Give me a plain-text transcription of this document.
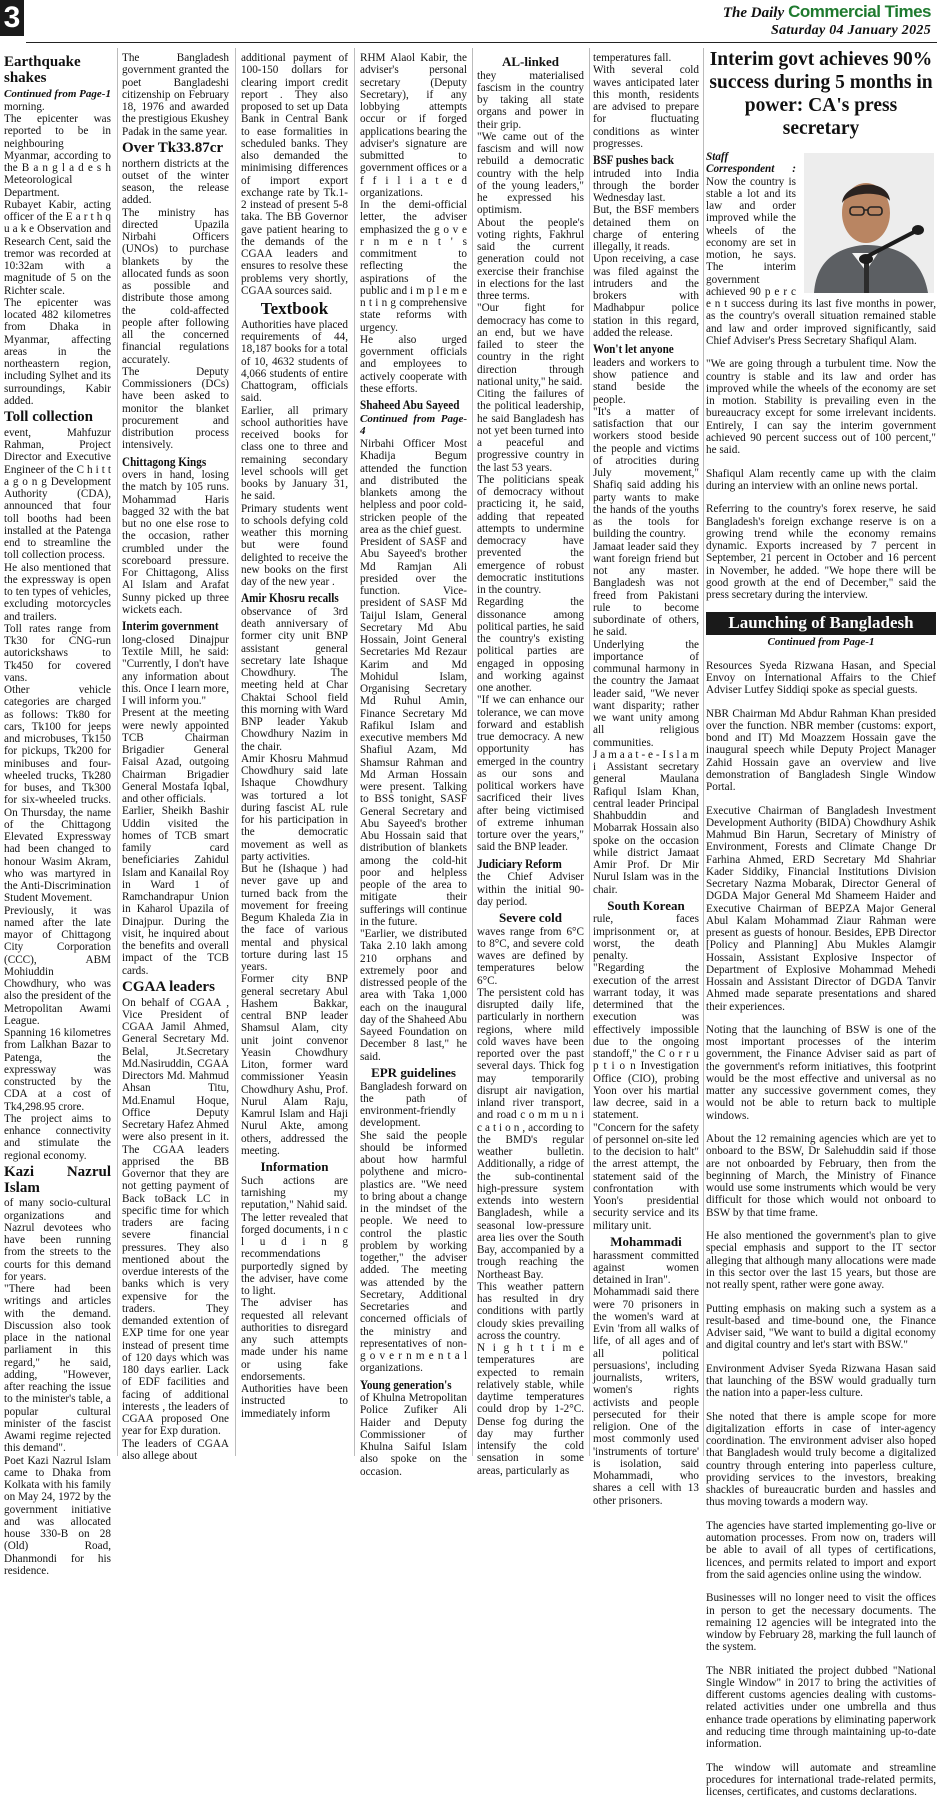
3	The Daily Commercial Times
Saturday 04 January 2025
Earthquake shakes
Continued from Page-1

morning.

The epicenter was reported to be in neighbouring Myanmar, according to the B a n g l a d e s h Meteorological Department.

Rubayet Kabir, acting officer of the E a r t h q u a k e Observation and Research Cent, said the tremor was recorded at 10:32am with a magnitude of 5 on the Richter scale.

The epicenter was located 482 kilometres from Dhaka in Myanmar, affecting areas in the northeastern region, including Sylhet and its surroundings, Kabir added.

Toll collection

event, Mahfuzur Rahman, Project Director and Executive Engineer of the C h i t t a g o n g Development Authority (CDA), announced that four toll booths had been installed at the Patenga end to streamline the toll collection process.

He also mentioned that the expressway is open to ten types of vehicles, excluding motorcycles and trailers.

Toll rates range from Tk30 for CNG-run autorickshaws to Tk450 for covered vans.

Other vehicle categories are charged as follows: Tk80 for cars, Tk100 for jeeps and microbuses, Tk150 for pickups, Tk200 for minibuses and four-wheeled trucks, Tk280 for buses, and Tk300 for six-wheeled trucks. On Thursday, the name of the Chittagong Elevated Expressway had been changed to honour Wasim Akram, who was martyred in the Anti-Discrimination Student Movement.

Previously, it was named after the late mayor of Chittagong City Corporation (CCC), ABM Mohiuddin Chowdhury, who was also the president of the Metropolitan Awami League.

Spanning 16 kilometres from Lalkhan Bazar to Patenga, the expressway was constructed by the CDA at a cost of Tk4,298.95 crore.

The project aims to enhance connectivity and stimulate the regional economy.

Kazi Nazrul Islam

of many socio-cultural organizations and Nazrul devotees who have been running from the streets to the courts for this demand for years.

"There had been writings and articles with the demand. Discussion also took place in the national parliament in this regard," he said, adding, "However, after reaching the issue to the minister's table, a popular cultural minister of the fascist Awami regime rejected this demand".

Poet Kazi Nazrul Islam came to Dhaka from Kolkata with his family on May 24, 1972 by the government initiative and was allocated house 330-B on 28 (Old) Road, Dhanmondi for his residence.

The Bangladesh government granted the poet Bangladeshi citizenship on February 18, 1976 and awarded the prestigious Ekushey Padak in the same year.

Over Tk33.87cr

northern districts at the outset of the winter season, the release added.

The ministry has directed Upazila Nirbahi Officers (UNOs) to purchase blankets by the allocated funds as soon as possible and distribute those among the cold-affected people after following all the concerned financial regulations accurately.

The Deputy Commissioners (DCs) have been asked to monitor the blanket procurement and distribution process intensively.

Chittagong Kings

overs in hand, losing the match by 105 runs. Mohammad Haris bagged 32 with the bat but no one else rose to the occasion, rather crumbled under the scoreboard pressure. For Chittagong, Aliss Al Islam and Arafat Sunny picked up three wickets each.

Interim government

long-closed Dinajpur Textile Mill, he said: "Currently, I don't have any information about this. Once I learn more, I will inform you."

Present at the meeting were newly appointed TCB Chairman Brigadier General Faisal Azad, outgoing Chairman Brigadier General Mostafa Iqbal, and other officials.

Earlier, Sheikh Bashir Uddin visited the homes of TCB smart family card beneficiaries Zahidul Islam and Kanailal Roy in Ward 1 of Ramchandrapur Union in Kaharol Upazila of Dinajpur. During the visit, he inquired about the benefits and overall impact of the TCB cards.

CGAA leaders

On behalf of CGAA , Vice President of CGAA Jamil Ahmed, General Secretary Md. Belal, Jt.Secretary Md.Nasiruddin, CGAA Directors Md. Mahmud Ahsan Titu, Md.Enamul Hoque, Office Deputy Secretary Hafez Ahmed were also present in it. The CGAA leaders apprised the BB Governor that they are not getting payment of Back toBack LC in specific time for which traders are facing severe financial pressures. They also mentioned about the overdue interests of the banks which is very expensive for the traders. They demanded extention of EXP time for one year instead of present time of 120 days which was 180 days earlier. Lack of EDF facilities and facing of additional interests , the leaders of CGAA proposed One year for Exp duration.

The leaders of CGAA also allege about

additional payment of 100-150 dollars for clearing import credit report . They also proposed to set up Data Bank in Central Bank to ease formalities in scheduled banks. They also demanded the minimising differences of import export exchange rate by Tk.1-2 instead of present 5-8 taka. The BB Governor gave patient hearing to the demands of the CGAA leaders and ensures to resolve these problems very shortly, CGAA sources said.

Textbook

Authorities have placed requirements of 44, 18,187 books for a total of 10, 4632 students of 4,066 students of entire Chattogram, officials said.

Earlier, all primary school authorities have received books for class one to three and remaining secondary level schools will get books by January 31, he said.

Primary students went to schools defying cold weather this morning but were found delighted to receive the new books on the first day of the new year .

Amir Khosru recalls

observance of 3rd death anniversary of former city unit BNP assistant general secretary late Ishaque Chowdhury. The meeting held at Char Chaktai School field this morning with Ward BNP leader Yakub Chowdhury Nazim in the chair.

Amir Khosru Mahmud Chowdhury said late Ishaque Chowdhury was tortured a lot during fascist AL rule for his participation in the democratic movement as well as party activities.

But he (Ishaque ) had never gave up and turned back from the movement for freeing Begum Khaleda Zia in the face of various mental and physical torture during last 15 years.

Former city BNP general secretary Abul Hashem Bakkar, central BNP leader Shamsul Alam, city unit joint convenor Yeasin Chowdhury Liton, former ward commissioner Yeasin Chowdhury Ashu, Prof. Nurul Alam Raju, Kamrul Islam and Haji Nurul Akte, among others, addressed the meeting.

Information

Such actions are tarnishing my reputation," Nahid said.

The letter revealed that forged documents, i n c l u d i n g recommendations purportedly signed by the adviser, have come to light.

The adviser has requested all relevant authorities to disregard any such attempts made under his name or using fake endorsements.

Authorities have been instructed to immediately inform

RHM Alaol Kabir, the adviser's personal secretary (Deputy Secretary), if any lobbying attempts occur or if forged applications bearing the adviser's signature are submitted to government offices or a f f i l i a t e d organizations.

In the demi-official letter, the adviser emphasized the g o v e r n m e n t ' s commitment to reflecting the aspirations of the public and i m p l e m e n t i n g comprehensive state reforms with urgency.

He also urged government officials and employees to actively cooperate with these efforts.

Shaheed Abu Sayeed
Continued from Page- 4

Nirbahi Officer Most Khadija Begum attended the function and distributed the blankets among the helpless and poor cold-stricken people of the area as the chief guest.

President of SASF and Abu Sayeed's brother Md Ramjan Ali presided over the function. Vice-president of SASF Md Taijul Islam, General Secretary Md Abu Hossain, Joint General Secretaries Md Rezaur Karim and Md Mohidul Islam, Organising Secretary Md Ruhul Amin, Finance Secretary Md Rafikul Islam and executive members Md Shafiul Azam, Md Shamsur Rahman and Md Arman Hossain were present. Talking to BSS tonight, SASF General Secretary and Abu Sayeed's brother Abu Hossain said that distribution of blankets among the cold-hit poor and helpless people of the area to mitigate their sufferings will continue in the future.

"Earlier, we distributed Taka 2.10 lakh among 210 orphans and extremely poor and distressed people of the area with Taka 1,000 each on the inaugural day of the Shaheed Abu Sayeed Foundation on December 8 last," he said.

EPR guidelines

Bangladesh forward on the path of environment-friendly development.

She said the people should be informed about how harmful polythene and micro-plastics are. "We need to bring about a change in the mindset of the people. We need to control the plastic problem by working together," the adviser added. The meeting was attended by the Secretary, Additional Secretaries and concerned officials of the ministry and representatives of non-g o v e r n m e n t a l organizations.

Young generation's

of Khulna Metropolitan Police Zufiker Ali Haider and Deputy Commissioner of Khulna Saiful Islam also spoke on the occasion.

AL-linked

they materialised fascism in the country by taking all state organs and power in their grip.

"We came out of the fascism and will now rebuild a democratic country with the help of the young leaders," he expressed his optimism.

About the people's voting rights, Fakhrul said the current generation could not exercise their franchise in elections for the last three terms.

"Our fight for democracy has come to an end, but we have failed to steer the country in the right direction through national unity," he said.

Citing the failures of the political leadership, he said Bangladesh has not yet been turned into a peaceful and progressive country in the last 53 years.

The politicians speak of democracy without practicing it, he said, adding that repeated attempts to undermine democracy have prevented the emergence of robust democratic institutions in the country.

Regarding the dissonance among political parties, he said the country's existing political parties are engaged in opposing and working against one another.

"If we can enhance our tolerance, we can move forward and establish true democracy. A new opportunity has emerged in the country as our sons and political workers have sacrificed their lives after being victimised of extreme inhuman torture over the years," said the BNP leader.

Judiciary Reform

the Chief Adviser within the initial 90-day period.

Severe cold

waves range from 6°C to 8°C, and severe cold waves are defined by temperatures below 6°C.

The persistent cold has disrupted daily life, particularly in northern regions, where mild cold waves have been reported over the past several days. Thick fog may temporarily disrupt air navigation, inland river transport, and road c o m m u n i c a t i o n , according to the BMD's regular weather bulletin. Additionally, a ridge of the sub-continental high-pressure system extends into western Bangladesh, while a seasonal low-pressure area lies over the South Bay, accompanied by a trough reaching the Northeast Bay.

This weather pattern has resulted in dry conditions with partly cloudy skies prevailing across the country.

N i g h t t i m e temperatures are expected to remain relatively stable, while daytime temperatures could drop by 1-2°C. Dense fog during the day may further intensify the cold sensation in some areas, particularly as

temperatures fall.

With several cold waves anticipated later this month, residents are advised to prepare for fluctuating conditions as winter progresses.

BSF pushes back

intruded into India through the border Wednesday last.

But, the BSF members detained them on charge of entering illegally, it reads.

Upon receiving, a case was filed against the intruders and the brokers with Madhabpur police station in this regard, added the release.

Won't let anyone

leaders and workers to show patience and stand beside the people.

"It's a matter of satisfaction that our workers stood beside the people and victims of atrocities during July movement," Shafiq said adding his party wants to make the hands of the youths as the tools for building the country.

Jamaat leader said they want foreign friend but not any master. Bangladesh was not freed from Pakistani rule to become subordinate of others, he said.

Underlying the importance of communal harmony in the country the Jamaat leader said, "We never want disparity; rather we want unity among all religious communities.

J a m a a t - e - I s l a m i Assistant secretary general Maulana Rafiqul Islam Khan, central leader Principal Shahbuddin and Mobarrak Hossain also spoke on the occasion while district Jamaat Amir Prof. Dr Mir Nurul Islam was in the chair.

South Korean

rule, faces imprisonment or, at worst, the death penalty.

"Regarding the execution of the arrest warrant today, it was determined that the execution was effectively impossible due to the ongoing standoff," the C o r r u p t i o n Investigation Office (CIO), probing Yoon over his martial law decree, said in a statement.

"Concern for the safety of personnel on-site led to the decision to halt" the arrest attempt, the statement said of the confrontation with Yoon's presidential security service and its military unit.

Mohammadi

harassment committed against women detained in Iran".

Mohammadi said there were 70 prisoners in the women's ward at Evin 'from all walks of life, of all ages and of all political persuasions', including journalists, writers, women's rights activists and people persecuted for their religion. One of the most commonly used 'instruments of torture' is isolation, said Mohammadi, who shares a cell with 13 other prisoners.

Interim govt achieves 90% success during 5 months in power: CA's press secretary

Staff Correspondent : Now the country is stable a lot and its law and order improved while the wheels of the economy are set in motion, he says. The interim government achieved 90 p e r c e n t success during its last five months in power, as the country's overall situation remained stable and law and order improved significantly, said Chief Adviser's Press Secretary Shafiqul Alam.

"We are going through a turbulent time. Now the country is stable and its law and order has improved while the wheels of the economy are set in motion. Stability is prevailing even in the bureaucracy except for some irrelevant incidents. Entirely, I can say the interim government achieved 90 percent success out of 100 percent," he said.

Shafiqul Alam recently came up with the claim during an interview with an online news portal.

Referring to the country's forex reserve, he said Bangladesh's foreign exchange reserve is on a growing trend while the economy remains dynamic. Exports increased by 7 percent in September, 21 percent in October and 16 percent in November, he added. "We hope there will be good growth at the end of December," said the press secretary during the interview.

Launching of Bangladesh
Continued from Page-1

Resources Syeda Rizwana Hasan, and Special Envoy on International Affairs to the Chief Adviser Lutfey Siddiqi spoke as special guests.

NBR Chairman Md Abdur Rahman Khan presided over the function. NBR member (customs: export, bond and IT) Md Moazzem Hossain gave the inaugural speech while Deputy Project Manager Zahid Hossain gave an overview and live demonstration of Bangladesh Single Window Portal.

Executive Chairman of Bangladesh Investment Development Authority (BIDA) Chowdhury Ashik Mahmud Bin Harun, Secretary of Ministry of Environment, Forests and Climate Change Dr Farhina Ahmed, ERD Secretary Md Shahriar Kader Siddiky, Financial Institutions Division Secretary Nazma Mobarak, Director General of DGDA Major General Md Shameem Haider and Executive Chairman of BEPZA Major General Abul Kalam Mohammad Ziaur Rahman were present as guests of honour. Besides, EPB Director [Policy and Planning] Abu Mukles Alamgir Hossain, Assistant Explosive Inspector of Department of Explosive Mohammad Mehedi Hossain and Assistant Director of DGDA Tanvir Ahmed made separate presentations and shared their experiences.

Noting that the launching of BSW is one of the most important processes of the interim government, the Finance Adviser said as part of the government's reform initiatives, this footprint would be the most effective and universal as no matter any successive government comes, they would not be able to return back to multiple windows.

About the 12 remaining agencies which are yet to onboard to the BSW, Dr Salehuddin said if those are not onboarded by February, then from the beginning of March, the Ministry of Finance would use some instruments which would be very difficult for those which would not onboard to BSW by that time frame.

He also mentioned the government's plan to give special emphasis and support to the IT sector alleging that although many allocations were made in this sector over the last 15 years, but those are not really spent, rather were gone away.

Putting emphasis on making such a system as a result-based and time-bound one, the Finance Adviser said, "We want to build a digital economy and digital country and let's start with BSW."

Environment Adviser Syeda Rizwana Hasan said that launching of the BSW would gradually turn the nation into a paper-less culture.

She noted that there is ample scope for more digitalization efforts in case of inter-agency coordination. The environment adviser also hoped that Bangladesh would truly become a digitalized country through entering into paperless culture, providing services to the investors, breaking shackles of bureaucratic burden and hassles and thus moving towards a modern way.

The agencies have started implementing go-live or automation processes. From now on, traders will be able to avail of all types of certifications, licences, and permits related to import and export from the said agencies online using the window.

Businesses will no longer need to visit the offices in person to get the necessary documents. The remaining 12 agencies will be integrated into the window by February 28, marking the full launch of the system.

The NBR initiated the project dubbed "National Single Window" in 2017 to bring the activities of different customs agencies dealing with customs-related activities under one umbrella and thus enhance trade operations by eliminating paperwork and reducing time through maintaining up-to-date information.

The window will automate and streamline procedures for international trade-related permits, licenses, certificates, and customs declarations.
